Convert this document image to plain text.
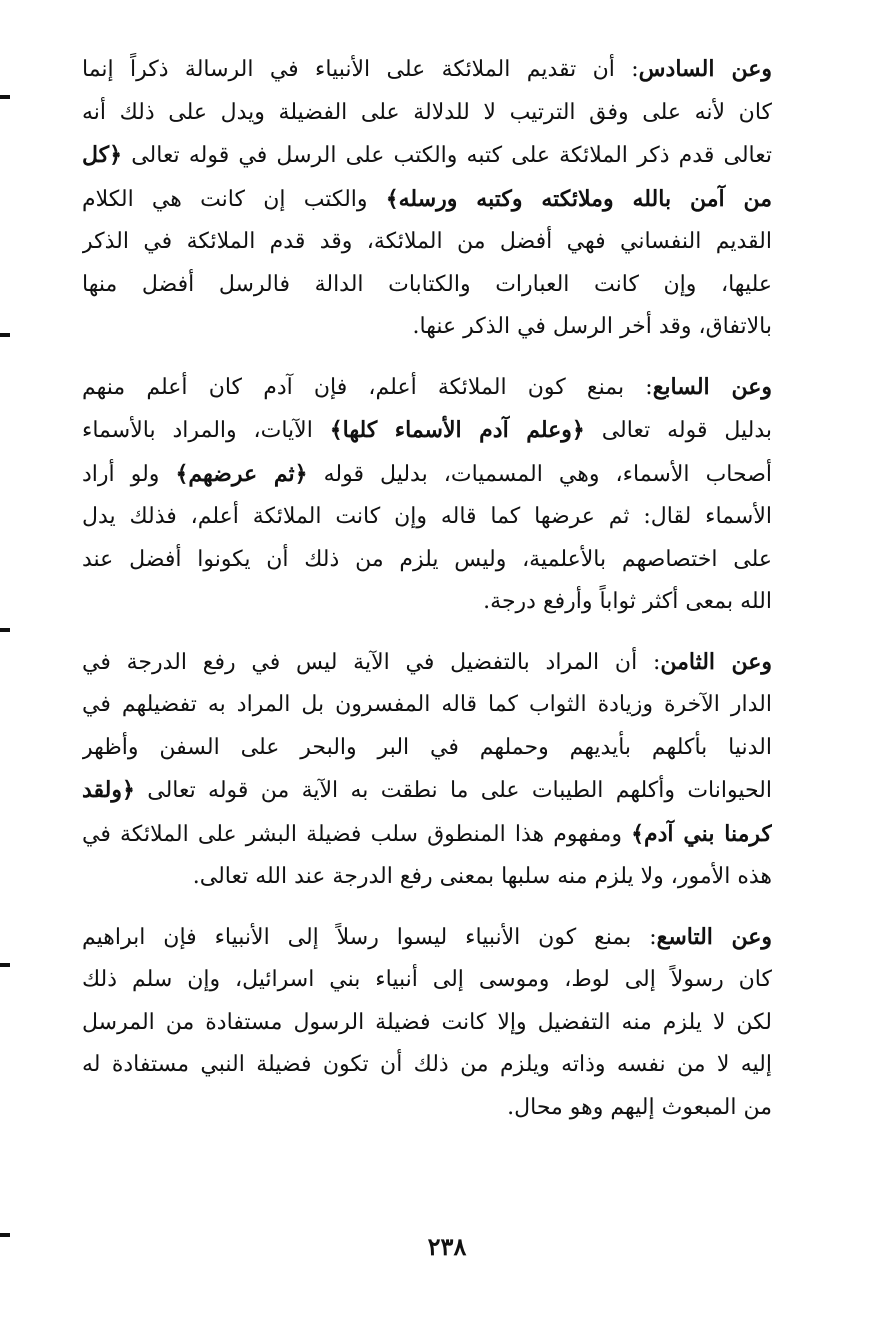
وعن السادس: أن تقديم الملائكة على الأنبياء في الرسالة ذكراً إنما
كان لأنه على وفق الترتيب لا للدلالة على الفضيلة ويدل على ذلك أنه
تعالى قدم ذكر الملائكة على كتبه والكتب على الرسل في قوله تعالى ﴿كل
من آمن بالله وملائكته وكتبه ورسله﴾ والكتب إن كانت هي الكلام
القديم النفساني فهي أفضل من الملائكة، وقد قدم الملائكة في الذكر
عليها، وإن كانت العبارات والكتابات الدالة فالرسل أفضل منها
بالاتفاق، وقد أخر الرسل في الذكر عنها.
وعن السابع: بمنع كون الملائكة أعلم، فإن آدم كان أعلم منهم
بدليل قوله تعالى ﴿وعلم آدم الأسماء كلها﴾ الآيات، والمراد بالأسماء
أصحاب الأسماء، وهي المسميات، بدليل قوله ﴿ثم عرضهم﴾ ولو أراد
الأسماء لقال: ثم عرضها كما قاله وإن كانت الملائكة أعلم، فذلك يدل
على اختصاصهم بالأعلمية، وليس يلزم من ذلك أن يكونوا أفضل عند
الله بمعى أكثر ثواباً وأرفع درجة.
وعن الثامن: أن المراد بالتفضيل في الآية ليس في رفع الدرجة في
الدار الآخرة وزيادة الثواب كما قاله المفسرون بل المراد به تفضيلهم في
الدنيا بأكلهم بأيديهم وحملهم في البر والبحر على السفن وأظهر
الحيوانات وأكلهم الطيبات على ما نطقت به الآية من قوله تعالى ﴿ولقد
كرمنا بني آدم﴾ ومفهوم هذا المنطوق سلب فضيلة البشر على الملائكة في
هذه الأمور، ولا يلزم منه سلبها بمعنى رفع الدرجة عند الله تعالى.
وعن التاسع: بمنع كون الأنبياء ليسوا رسلاً إلى الأنبياء فإن ابراهيم
كان رسولاً إلى لوط، وموسى إلى أنبياء بني اسرائيل، وإن سلم ذلك
لكن لا يلزم منه التفضيل وإلا كانت فضيلة الرسول مستفادة من المرسل
إليه لا من نفسه وذاته ويلزم من ذلك أن تكون فضيلة النبي مستفادة له
من المبعوث إليهم وهو محال.
٢٣٨
